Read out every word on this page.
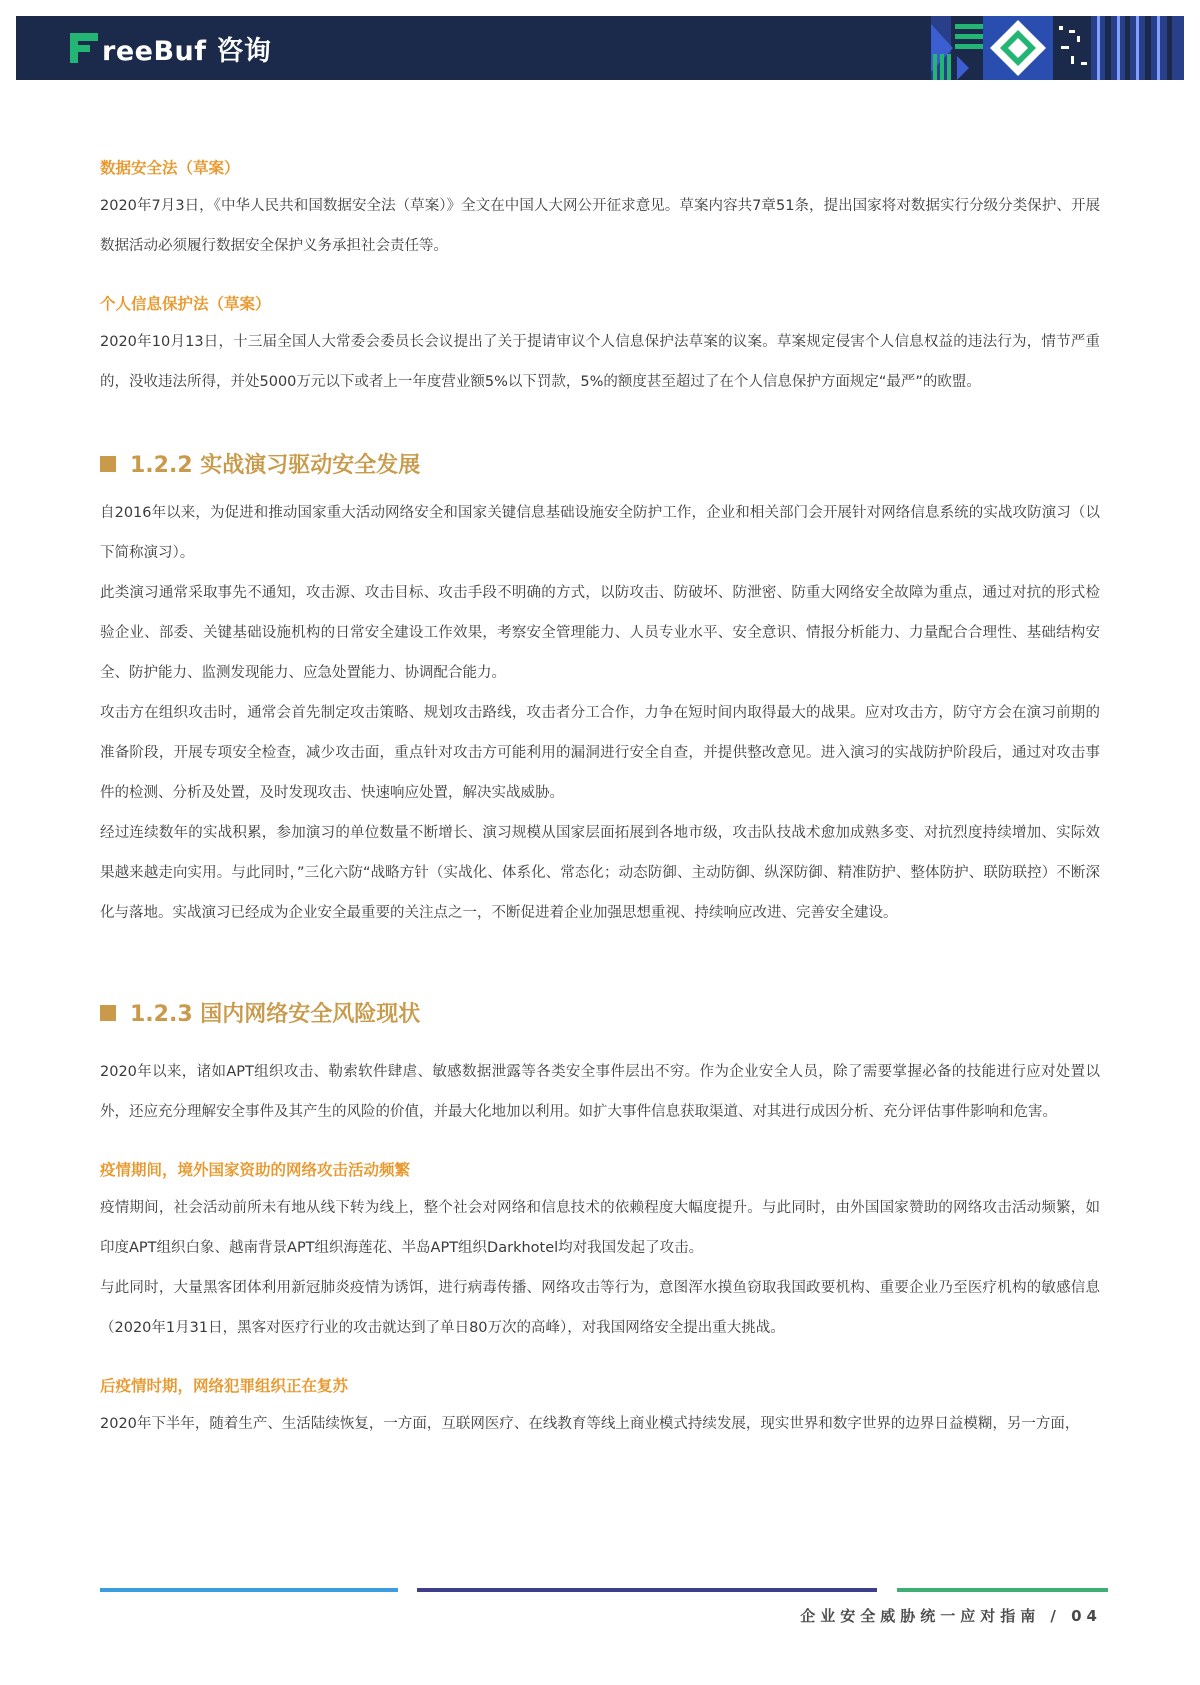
reeBuf 咨询

数据安全法（草案）

2020年7月3日，《中华人民共和国数据安全法（草案）》全文在中国人大网公开征求意见。草案内容共7章51条，提出国家将对数据实行分级分类保护、开展数据活动必须履行数据安全保护义务承担社会责任等。

个人信息保护法（草案）

2020年10月13日，十三届全国人大常委会委员长会议提出了关于提请审议个人信息保护法草案的议案。草案规定侵害个人信息权益的违法行为，情节严重的，没收违法所得，并处5000万元以下或者上一年度营业额5%以下罚款，5%的额度甚至超过了在个人信息保护方面规定“最严”的欧盟。

1.2.2 实战演习驱动安全发展

自2016年以来，为促进和推动国家重大活动网络安全和国家关键信息基础设施安全防护工作，企业和相关部门会开展针对网络信息系统的实战攻防演习（以下简称演习）。

此类演习通常采取事先不通知，攻击源、攻击目标、攻击手段不明确的方式，以防攻击、防破坏、防泄密、防重大网络安全故障为重点，通过对抗的形式检验企业、部委、关键基础设施机构的日常安全建设工作效果，考察安全管理能力、人员专业水平、安全意识、情报分析能力、力量配合合理性、基础结构安全、防护能力、监测发现能力、应急处置能力、协调配合能力。

攻击方在组织攻击时，通常会首先制定攻击策略、规划攻击路线，攻击者分工合作，力争在短时间内取得最大的战果。应对攻击方，防守方会在演习前期的准备阶段，开展专项安全检查，减少攻击面，重点针对攻击方可能利用的漏洞进行安全自查，并提供整改意见。进入演习的实战防护阶段后，通过对攻击事件的检测、分析及处置，及时发现攻击、快速响应处置，解决实战威胁。

经过连续数年的实战积累，参加演习的单位数量不断增长、演习规模从国家层面拓展到各地市级，攻击队技战术愈加成熟多变、对抗烈度持续增加、实际效果越来越走向实用。与此同时，”三化六防“战略方针（实战化、体系化、常态化；动态防御、主动防御、纵深防御、精准防护、整体防护、联防联控）不断深化与落地。实战演习已经成为企业安全最重要的关注点之一，不断促进着企业加强思想重视、持续响应改进、完善安全建设。

1.2.3 国内网络安全风险现状

2020年以来，诸如APT组织攻击、勒索软件肆虐、敏感数据泄露等各类安全事件层出不穷。作为企业安全人员，除了需要掌握必备的技能进行应对处置以外，还应充分理解安全事件及其产生的风险的价值，并最大化地加以利用。如扩大事件信息获取渠道、对其进行成因分析、充分评估事件影响和危害。

疫情期间，境外国家资助的网络攻击活动频繁

疫情期间，社会活动前所未有地从线下转为线上，整个社会对网络和信息技术的依赖程度大幅度提升。与此同时，由外国国家赞助的网络攻击活动频繁，如印度APT组织白象、越南背景APT组织海莲花、半岛APT组织Darkhotel均对我国发起了攻击。

与此同时，大量黑客团体利用新冠肺炎疫情为诱饵，进行病毒传播、网络攻击等行为，意图浑水摸鱼窃取我国政要机构、重要企业乃至医疗机构的敏感信息（2020年1月31日，黑客对医疗行业的攻击就达到了单日80万次的高峰），对我国网络安全提出重大挑战。

后疫情时期，网络犯罪组织正在复苏

2020年下半年，随着生产、生活陆续恢复，一方面，互联网医疗、在线教育等线上商业模式持续发展，现实世界和数字世界的边界日益模糊，另一方面，

企业安全威胁统一应对指南 / 04
